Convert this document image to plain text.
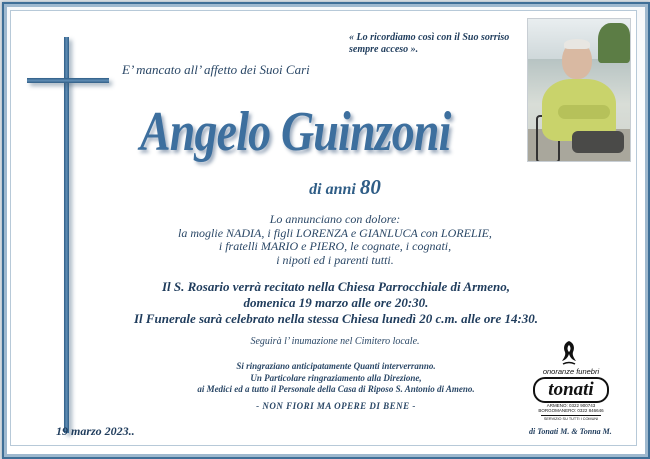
E’ mancato all’ affetto dei Suoi Cari
« Lo ricordiamo così con il Suo sorriso sempre acceso ».
Angelo Guinzoni
di anni 80
Lo annunciano con dolore:
la moglie NADIA, i figli LORENZA e GIANLUCA con LORELIE,
i fratelli MARIO e PIERO, le cognate, i cognati,
i nipoti ed i parenti tutti.
Il S. Rosario verrà recitato nella Chiesa Parrocchiale di Armeno,
domenica 19 marzo alle ore 20:30.
Il Funerale sarà celebrato nella stessa Chiesa lunedì 20 c.m. alle ore 14:30.
Seguirà l’ inumazione nel Cimitero locale.
Si ringraziano anticipatamente Quanti interverranno.
Un Particolare ringraziamento alla Direzione,
ai Medici ed a tutto il Personale della Casa di Riposo S. Antonio di Ameno.
- NON FIORI MA OPERE DI BENE -
19 marzo 2023..
onoranze funebri
tonati
ARMENO: 0322 900743
BORGOMANERO: 0322 846646
SERVIZIO SU TUTTI I COMUNI
di Tonati M. & Tonna M.
